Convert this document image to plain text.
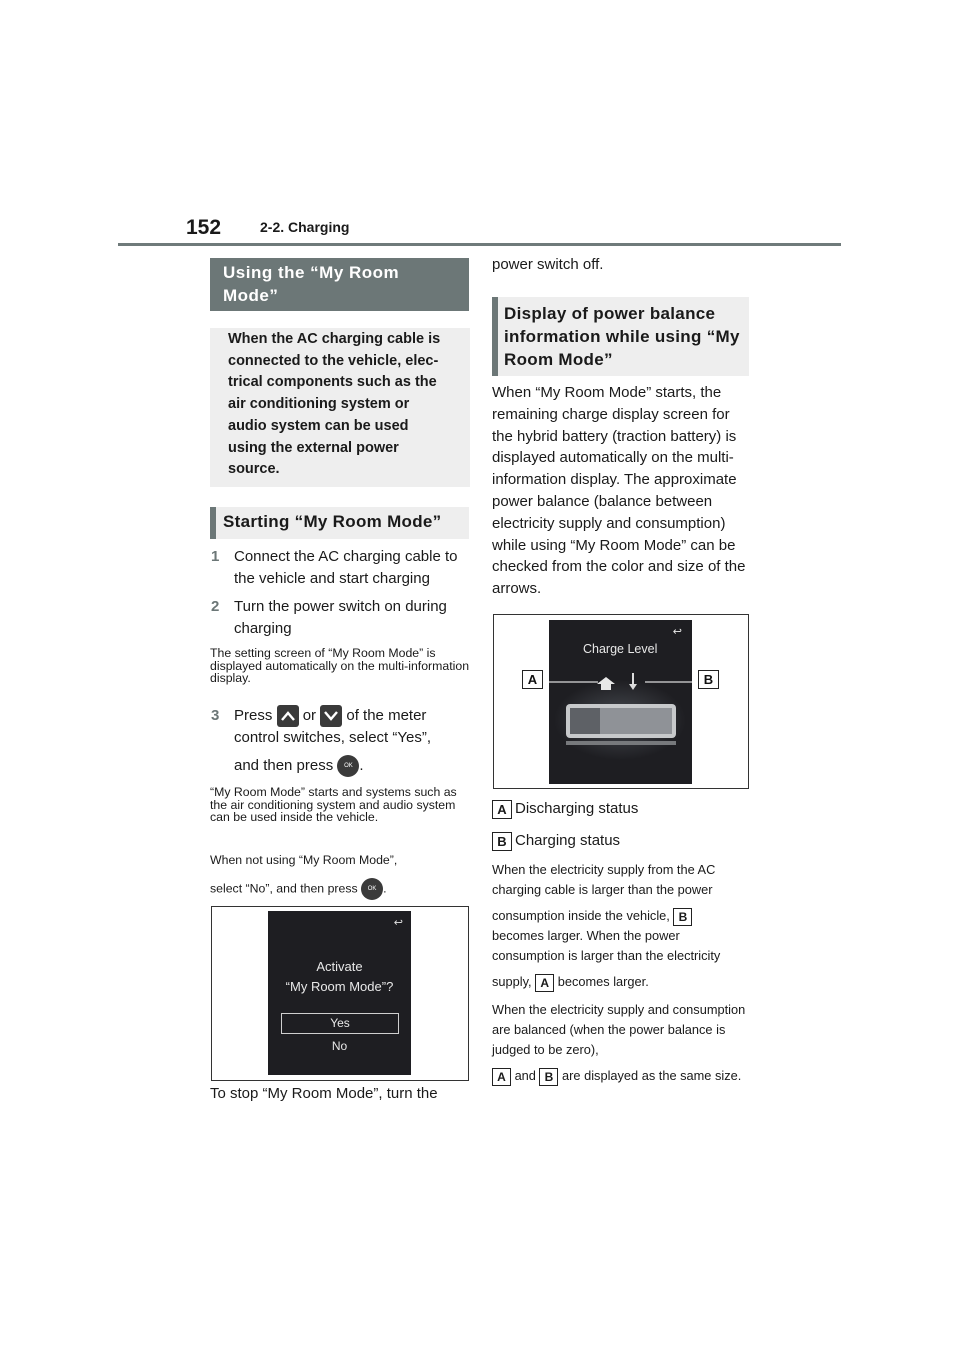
152	2-2. Charging
Using the “My Room Mode”
When the AC charging cable is
connected to the vehicle, elec-
trical components such as the
air conditioning system or
audio system can be used
using the external power
source.
Starting “My Room Mode”
1 Connect the AC charging cable to the vehicle and start charging
2 Turn the power switch on during charging
The setting screen of “My Room Mode” is displayed automatically on the multi-information display.
3 Press or of the meter control switches, select “Yes”,
and then press OK .
“My Room Mode” starts and systems such as the air conditioning system and audio system can be used inside the vehicle.
When not using “My Room Mode”,
select “No”, and then press OK .
↩
Activate
“My Room Mode”?
Yes
No
To stop “My Room Mode”, turn the
power switch off.
Display of power balance information while using “My Room Mode”
When “My Room Mode” starts, the remaining charge display screen for the hybrid battery (traction battery) is displayed automatically on the multi-information display. The approximate power balance (balance between electricity supply and consumption) while using “My Room Mode” can be checked from the color and size of the arrows.
↩
Charge Level
A	B
A Discharging status
B Charging status
When the electricity supply from the AC charging cable is larger than the power
consumption inside the vehicle, B
becomes larger. When the power consumption is larger than the electricity
supply, A becomes larger.
When the electricity supply and consumption are balanced (when the power balance is judged to be zero),
A and B are displayed as the same size.
